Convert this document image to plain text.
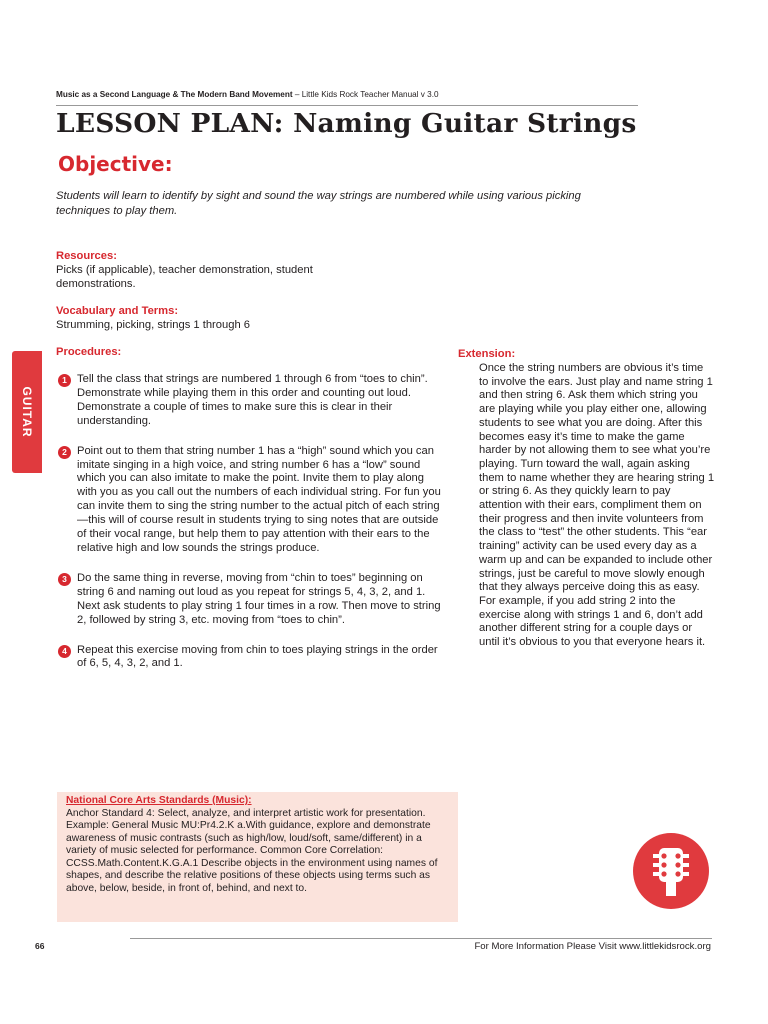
Music as a Second Language & The Modern Band Movement – Little Kids Rock Teacher Manual v 3.0
LESSON PLAN: Naming Guitar Strings
Objective:

Students will learn to identify by sight and sound the way strings are numbered while using various picking techniques to play them.

Resources:

Picks (if applicable), teacher demonstration, student demonstrations.

Vocabulary and Terms:

Strumming, picking, strings 1 through 6

Procedures:
1 Tell the class that strings are numbered 1 through 6 from “toes to chin”. Demonstrate while playing them in this order and counting out loud. Demonstrate a couple of times to make sure this is clear in their understanding.

2 Point out to them that string number 1 has a “high” sound which you can imitate singing in a high voice, and string number 6 has a “low” sound which you can also imitate to make the point. Invite them to play along with you as you call out the numbers of each individual string. For fun you can invite them to sing the string number to the actual pitch of each string—this will of course result in students trying to sing notes that are outside of their vocal range, but help them to pay attention with their ears to the relative high and low sounds the strings produce.

3 Do the same thing in reverse, moving from “chin to toes” beginning on string 6 and naming out loud as you repeat for strings 5, 4, 3, 2, and 1. Next ask students to play string 1 four times in a row. Then move to string 2, followed by string 3, etc. moving from “toes to chin”.

4 Repeat this exercise moving from chin to toes playing strings in the order of 6, 5, 4, 3, 2, and 1.

GUITAR
Extension:

Once the string numbers are obvious it’s time to involve the ears. Just play and name string 1 and then string 6. Ask them which string you are playing while you play either one, allowing students to see what you are doing. After this becomes easy it’s time to make the game harder by not allowing them to see what you’re playing. Turn toward the wall, again asking them to name whether they are hearing string 1 or string 6. As they quickly learn to pay attention with their ears, compliment them on their progress and then invite volunteers from the class to “test” the other students. This “ear training” activity can be used every day as a warm up and can be expanded to include other strings, just be careful to move slowly enough that they always perceive doing this as easy. For example, if you add string 2 into the exercise along with strings 1 and 6, don’t add another different string for a couple days or until it’s obvious to you that everyone hears it.

National Core Arts Standards (Music):

Anchor Standard 4: Select, analyze, and interpret artistic work for presentation. Example: General Music MU:Pr4.2.K a.With guidance, explore and demonstrate awareness of music contrasts (such as high/low, loud/soft, same/different) in a variety of music selected for performance. Common Core Correlation: CCSS.Math.Content.K.G.A.1 Describe objects in the environment using names of shapes, and describe the relative positions of these objects using terms such as above, below, beside, in front of, behind, and next to.

66	For More Information Please Visit www.littlekidsrock.org
